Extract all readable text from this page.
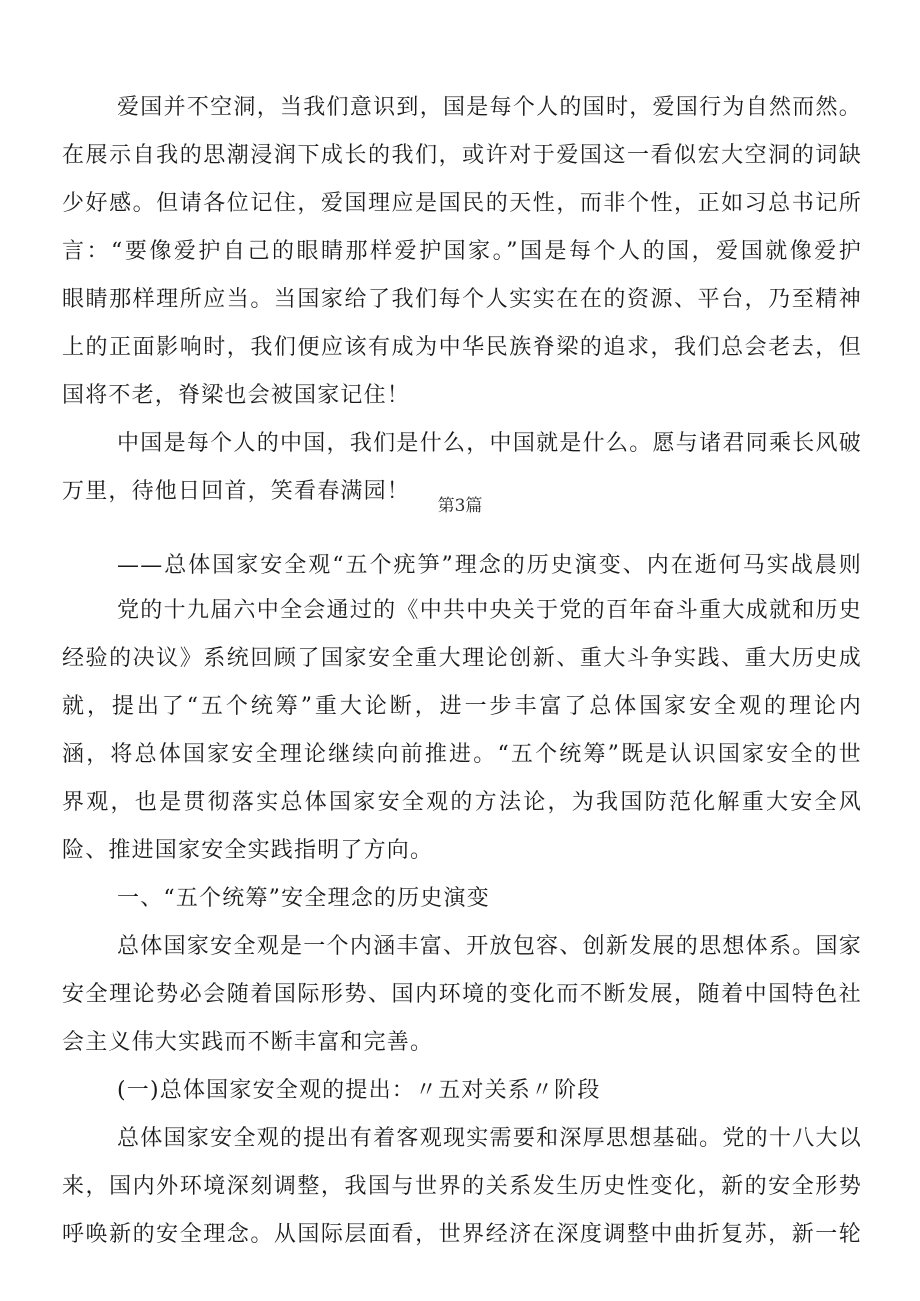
爱国并不空洞，当我们意识到，国是每个人的国时，爱国行为自然而然。
在展示自我的思潮浸润下成长的我们，或许对于爱国这一看似宏大空洞的词缺
少好感。但请各位记住，爱国理应是国民的天性，而非个性，正如习总书记所
言：“要像爱护自己的眼睛那样爱护国家。”国是每个人的国，爱国就像爱护
眼睛那样理所应当。当国家给了我们每个人实实在在的资源、平台，乃至精神
上的正面影响时，我们便应该有成为中华民族脊梁的追求，我们总会老去，但
国将不老，脊梁也会被国家记住！
中国是每个人的中国，我们是什么，中国就是什么。愿与诸君同乘长风破
万里，待他日回首，笑看春满园！
第3篇
——总体国家安全观“五个疣笋”理念的历史演变、内在逝何马实战晨则
党的十九届六中全会通过的《中共中央关于党的百年奋斗重大成就和历史
经验的决议》系统回顾了国家安全重大理论创新、重大斗争实践、重大历史成
就，提出了“五个统筹”重大论断，进一步丰富了总体国家安全观的理论内
涵，将总体国家安全理论继续向前推进。“五个统筹”既是认识国家安全的世
界观，也是贯彻落实总体国家安全观的方法论，为我国防范化解重大安全风
险、推进国家安全实践指明了方向。
一、“五个统筹”安全理念的历史演变
总体国家安全观是一个内涵丰富、开放包容、创新发展的思想体系。国家
安全理论势必会随着国际形势、国内环境的变化而不断发展，随着中国特色社
会主义伟大实践而不断丰富和完善。
(一)总体国家安全观的提出：〃五对关系〃阶段
总体国家安全观的提出有着客观现实需要和深厚思想基础。党的十八大以
来，国内外环境深刻调整，我国与世界的关系发生历史性变化，新的安全形势
呼唤新的安全理念。从国际层面看，世界经济在深度调整中曲折复苏，新一轮
